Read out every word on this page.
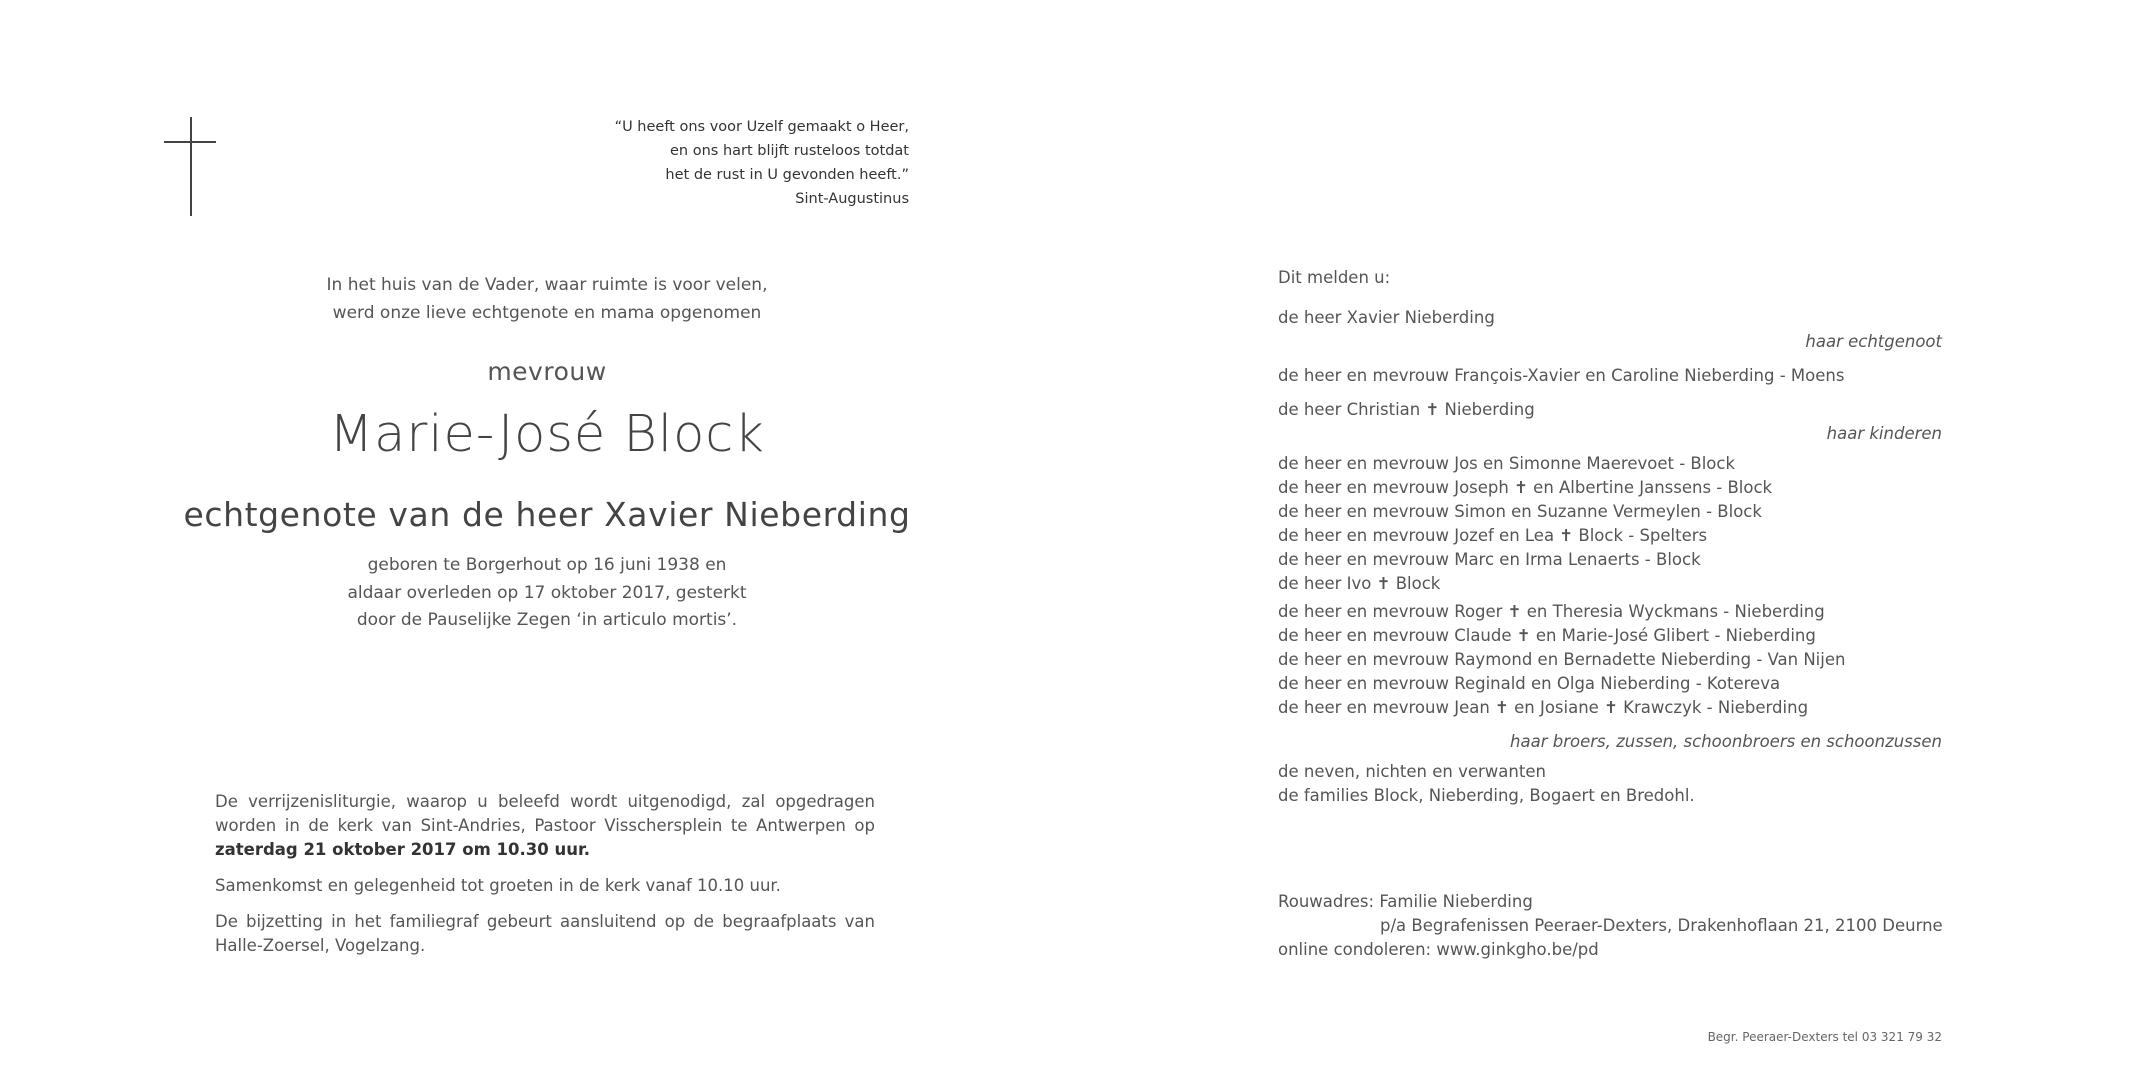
“U heeft ons voor Uzelf gemaakt o Heer,
en ons hart blijft rusteloos totdat
het de rust in U gevonden heeft.”
Sint-Augustinus
In het huis van de Vader, waar ruimte is voor velen,
werd onze lieve echtgenote en mama opgenomen
mevrouw
Marie-José Block
echtgenote van de heer Xavier Nieberding
geboren te Borgerhout op 16 juni 1938 en
aldaar overleden op 17 oktober 2017, gesterkt
door de Pauselijke Zegen ‘in articulo mortis’.

De verrijzenisliturgie, waarop u beleefd wordt uitgenodigd, zal opgedragen worden in de kerk van Sint-Andries, Pastoor Visschersplein te Antwerpen op zaterdag 21 oktober 2017 om 10.30 uur.

Samenkomst en gelegenheid tot groeten in de kerk vanaf 10.10 uur.

De bijzetting in het familiegraf gebeurt aansluitend op de begraafplaats van Halle-Zoersel, Vogelzang.

Dit melden u:
de heer Xavier Nieberding
haar echtgenoot
de heer en mevrouw François-Xavier en Caroline Nieberding - Moens
de heer Christian ✝ Nieberding
haar kinderen
de heer en mevrouw Jos en Simonne Maerevoet - Block
de heer en mevrouw Joseph ✝ en Albertine Janssens - Block
de heer en mevrouw Simon en Suzanne Vermeylen - Block
de heer en mevrouw Jozef en Lea ✝ Block - Spelters
de heer en mevrouw Marc en Irma Lenaerts - Block
de heer Ivo ✝ Block
de heer en mevrouw Roger ✝ en Theresia Wyckmans - Nieberding
de heer en mevrouw Claude ✝ en Marie-José Glibert - Nieberding
de heer en mevrouw Raymond en Bernadette Nieberding - Van Nijen
de heer en mevrouw Reginald en Olga Nieberding - Kotereva
de heer en mevrouw Jean ✝ en Josiane ✝ Krawczyk - Nieberding
haar broers, zussen, schoonbroers en schoonzussen
de neven, nichten en verwanten
de families Block, Nieberding, Bogaert en Bredohl.
Rouwadres: Familie Nieberding
p/a Begrafenissen Peeraer-Dexters, Drakenhoflaan 21, 2100 Deurne
online condoleren: www.ginkgho.be/pd
Begr. Peeraer-Dexters tel 03 321 79 32
